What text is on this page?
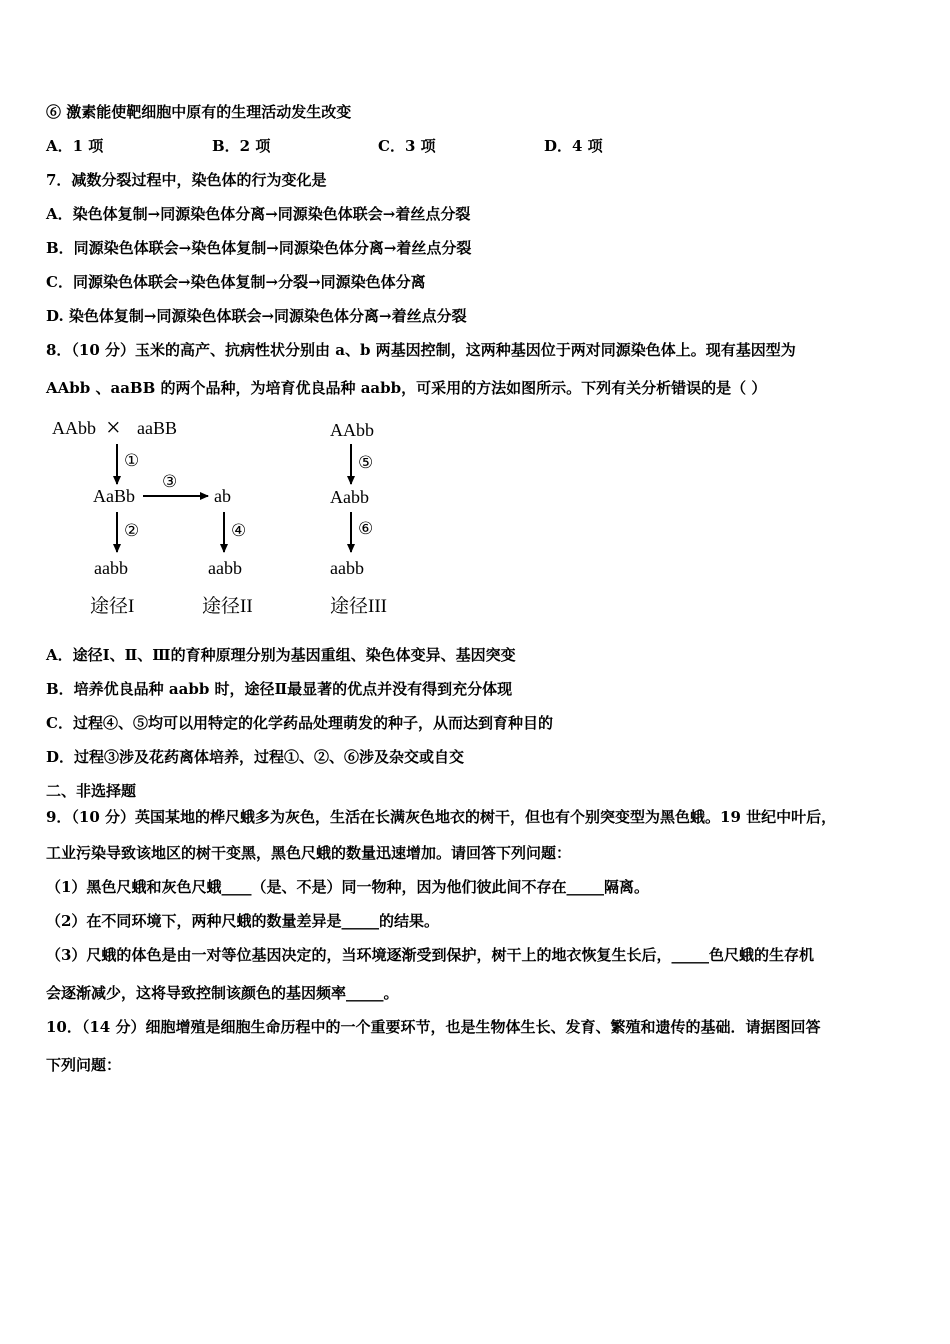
⑥ 激素能使靶细胞中原有的生理活动发生改变
A．1 项	B．2 项	C．3 项	D．4 项
7．减数分裂过程中，染色体的行为变化是
A．染色体复制→同源染色体分离→同源染色体联会→着丝点分裂
B．同源染色体联会→染色体复制→同源染色体分离→着丝点分裂
C．同源染色体联会→染色体复制→分裂→同源染色体分离
D. 染色体复制→同源染色体联会→同源染色体分离→着丝点分裂
8．（10 分）玉米的高产、抗病性状分别由 a、b 两基因控制，这两种基因位于两对同源染色体上。现有基因型为
AAbb 、aaBB 的两个品种，为培育优良品种 aabb，可采用的方法如图所示。下列有关分析错误的是（ ）
AAbb × aaBB
①
AaBb
③
ab
②	④
aabb	aabb
途径I	途径II
AAbb
⑤
Aabb
⑥
aabb
途径III
A．途径Ⅰ、Ⅱ、Ⅲ的育种原理分别为基因重组、染色体变异、基因突变
B．培养优良品种 aabb 时，途径Ⅱ最显著的优点并没有得到充分体现
C．过程④、⑤均可以用特定的化学药品处理萌发的种子，从而达到育种目的
D．过程③涉及花药离体培养，过程①、②、⑥涉及杂交或自交
二、非选择题
9．（10 分）英国某地的桦尺蛾多为灰色，生活在长满灰色地衣的树干，但也有个别突变型为黑色蛾。19 世纪中叶后，
工业污染导致该地区的树干变黑，黑色尺蛾的数量迅速增加。请回答下列问题：
（1）黑色尺蛾和灰色尺蛾____（是、不是）同一物种，因为他们彼此间不存在_____隔离。
（2）在不同环境下，两种尺蛾的数量差异是_____的结果。
（3）尺蛾的体色是由一对等位基因决定的，当环境逐渐受到保护，树干上的地衣恢复生长后，_____色尺蛾的生存机
会逐渐减少，这将导致控制该颜色的基因频率_____。
10．（14 分）细胞增殖是细胞生命历程中的一个重要环节，也是生物体生长、发育、繁殖和遗传的基础．请据图回答
下列问题：
